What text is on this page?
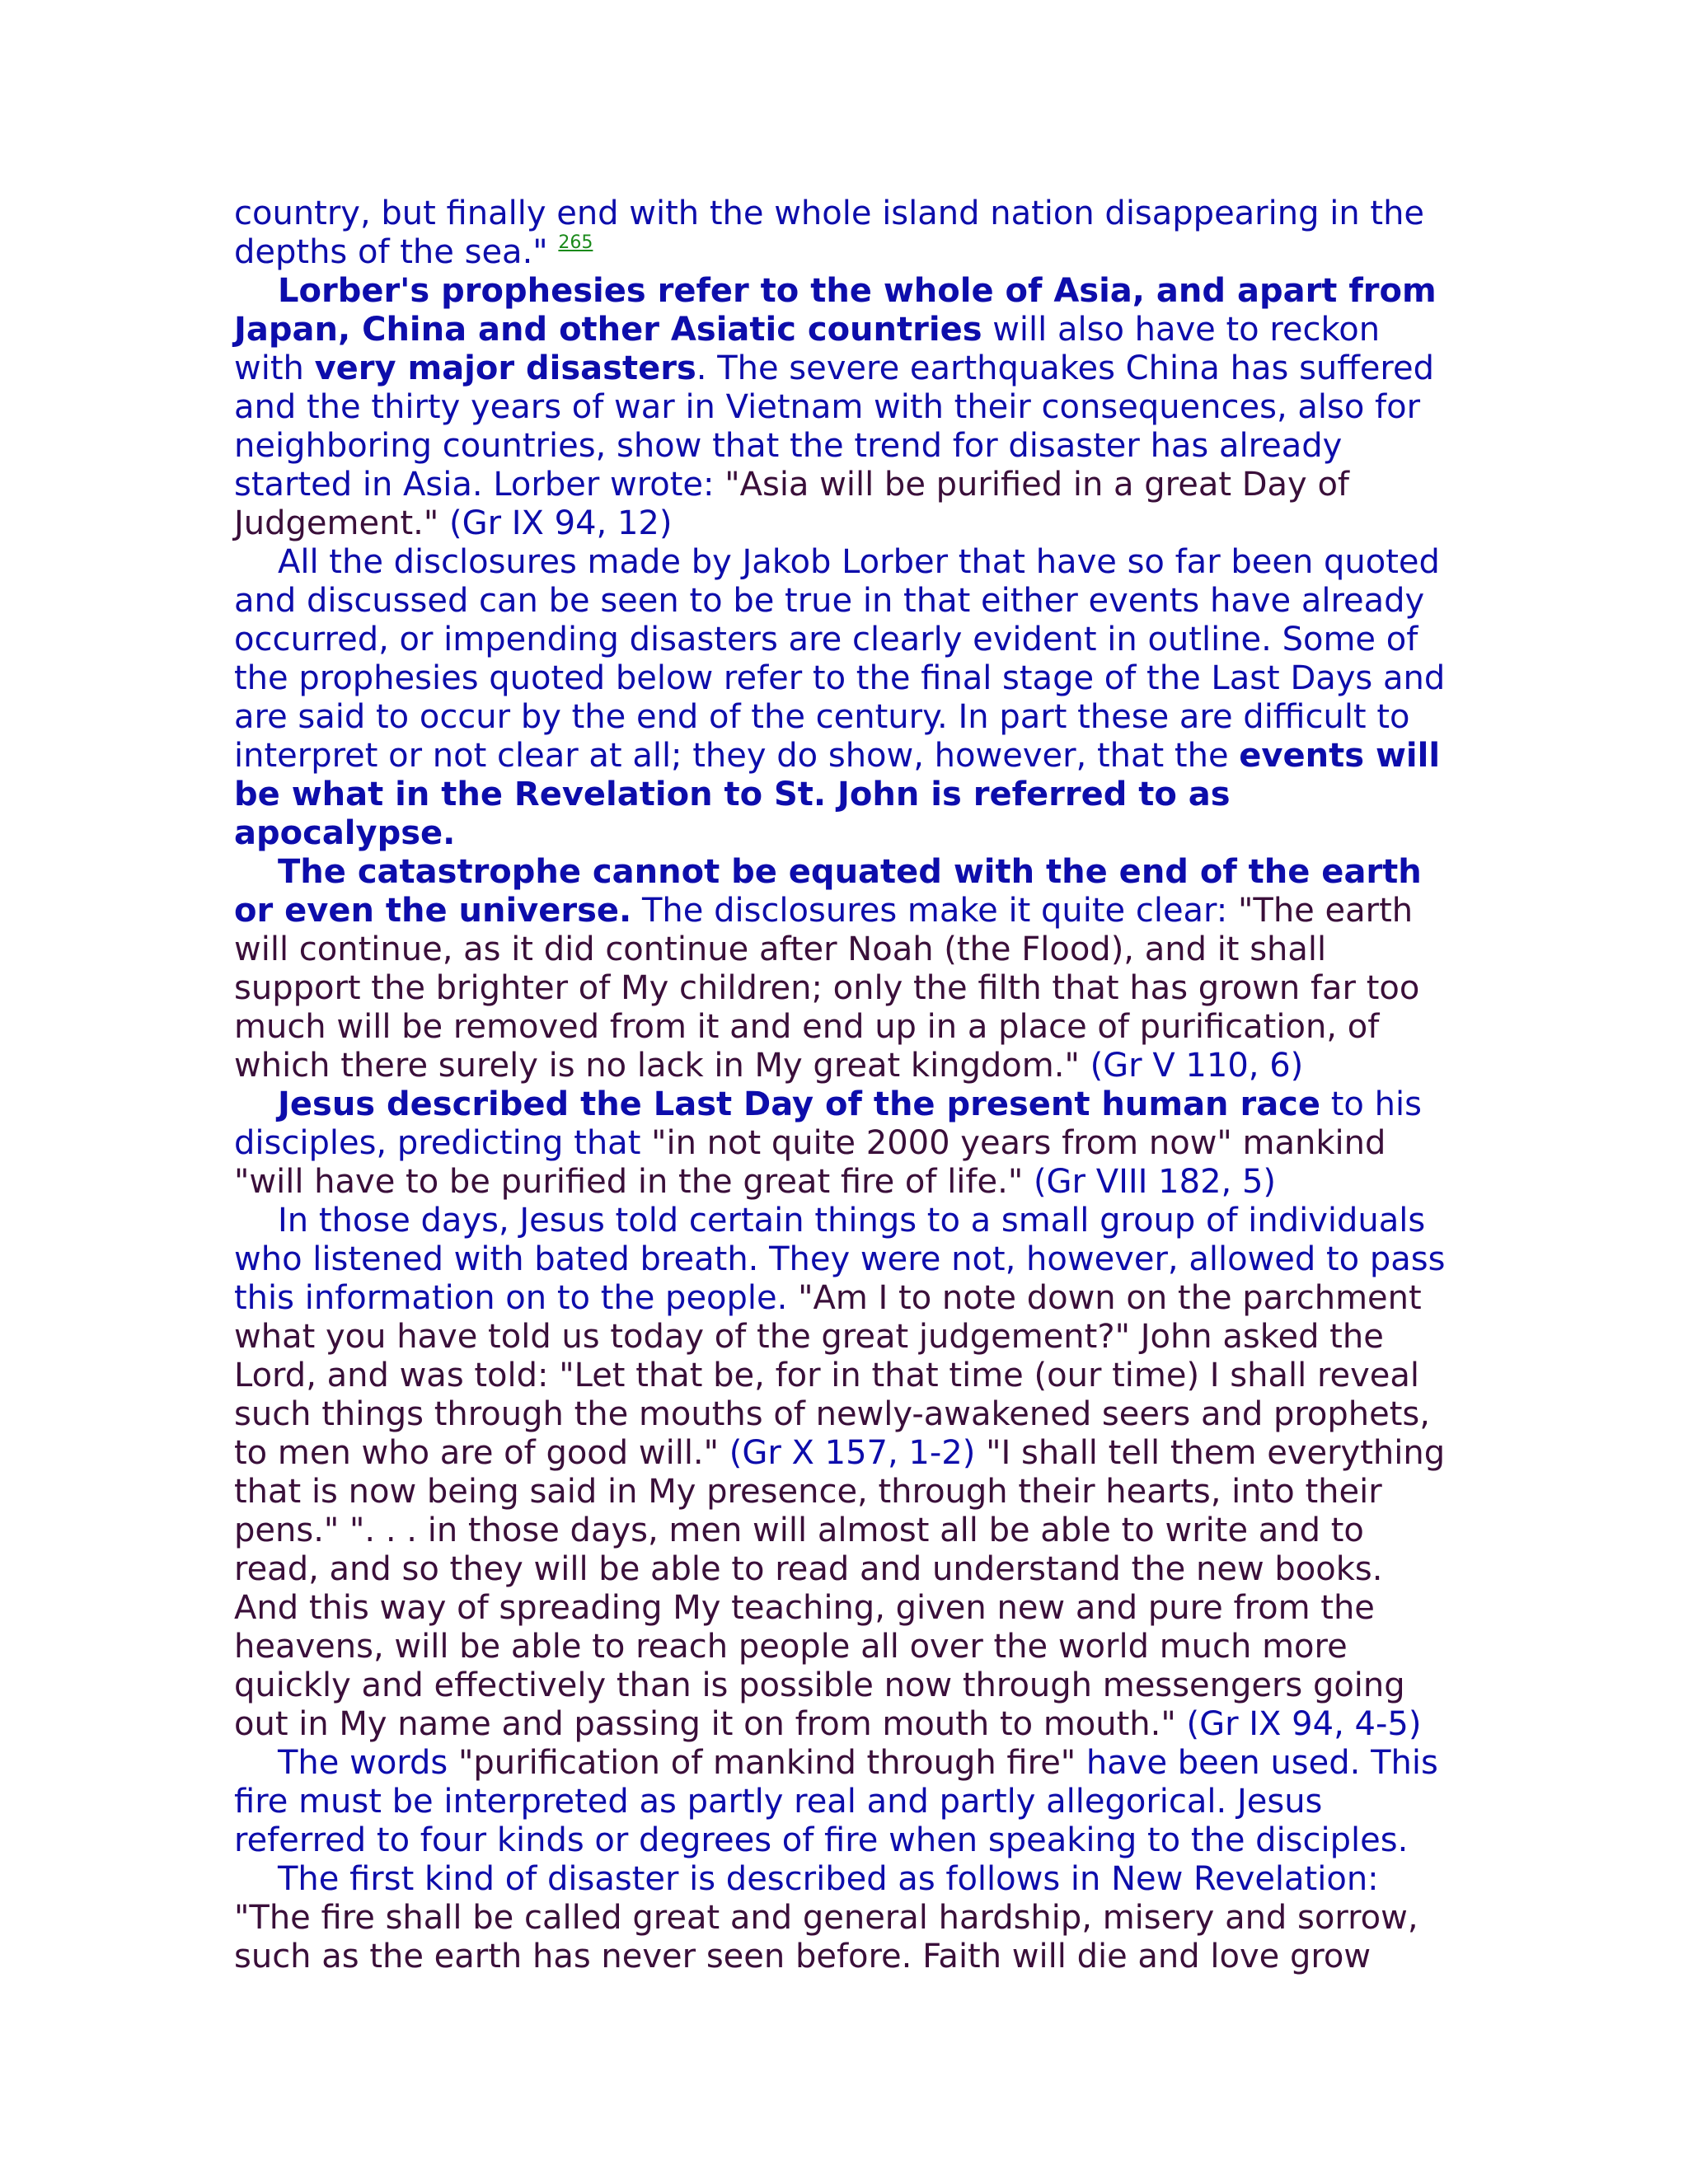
country, but finally end with the whole island nation disappearing in the
depths of the sea." $^{265}$
Lorber's prophesies refer to the whole of Asia, and apart from
Japan, China and other Asiatic countries will also have to reckon
with very major disasters. The severe earthquakes China has suffered
and the thirty years of war in Vietnam with their consequences, also for
neighboring countries, show that the trend for disaster has already
started in Asia. Lorber wrote: "Asia will be purified in a great Day of
Judgement." (Gr IX 94, 12)
All the disclosures made by Jakob Lorber that have so far been quoted
and discussed can be seen to be true in that either events have already
occurred, or impending disasters are clearly evident in outline. Some of
the prophesies quoted below refer to the final stage of the Last Days and
are said to occur by the end of the century. In part these are difficult to
interpret or not clear at all; they do show, however, that the events will
be what in the Revelation to St. John is referred to as
apocalypse.
The catastrophe cannot be equated with the end of the earth
or even the universe. The disclosures make it quite clear: "The earth
will continue, as it did continue after Noah (the Flood), and it shall
support the brighter of My children; only the filth that has grown far too
much will be removed from it and end up in a place of purification, of
which there surely is no lack in My great kingdom." (Gr V 110, 6)
Jesus described the Last Day of the present human race to his
disciples, predicting that "in not quite 2000 years from now" mankind
"will have to be purified in the great fire of life." (Gr VIII 182, 5)
In those days, Jesus told certain things to a small group of individuals
who listened with bated breath. They were not, however, allowed to pass
this information on to the people. "Am I to note down on the parchment
what you have told us today of the great judgement?" John asked the
Lord, and was told: "Let that be, for in that time (our time) I shall reveal
such things through the mouths of newly-awakened seers and prophets,
to men who are of good will." (Gr X 157, 1-2) "I shall tell them everything
that is now being said in My presence, through their hearts, into their
pens." ". . . in those days, men will almost all be able to write and to
read, and so they will be able to read and understand the new books.
And this way of spreading My teaching, given new and pure from the
heavens, will be able to reach people all over the world much more
quickly and effectively than is possible now through messengers going
out in My name and passing it on from mouth to mouth." (Gr IX 94, 4-5)
The words "purification of mankind through fire" have been used. This
fire must be interpreted as partly real and partly allegorical. Jesus
referred to four kinds or degrees of fire when speaking to the disciples.
The first kind of disaster is described as follows in New Revelation:
"The fire shall be called great and general hardship, misery and sorrow,
such as the earth has never seen before. Faith will die and love grow
